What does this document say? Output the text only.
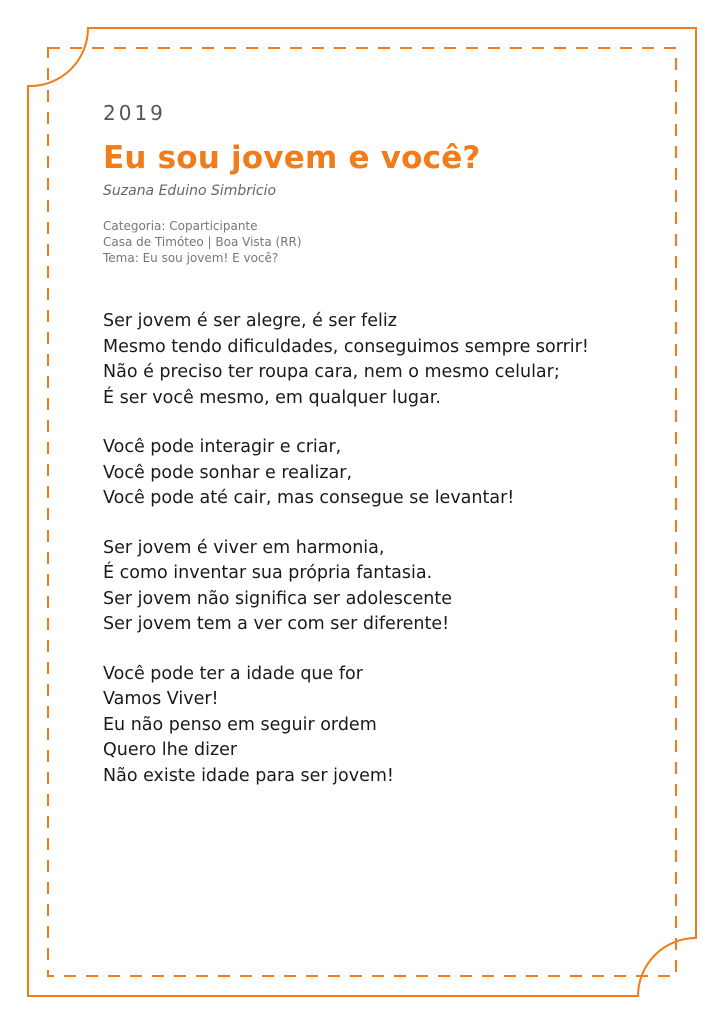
2019

Eu sou jovem e você?

Suzana Eduino Simbricio

Categoria: Coparticipante
Casa de Timóteo | Boa Vista (RR)
Tema: Eu sou jovem! E você?
Ser jovem é ser alegre, é ser feliz
Mesmo tendo dificuldades, conseguimos sempre sorrir!
Não é preciso ter roupa cara, nem o mesmo celular;
É ser você mesmo, em qualquer lugar.
Você pode interagir e criar,
Você pode sonhar e realizar,
Você pode até cair, mas consegue se levantar!
Ser jovem é viver em harmonia,
É como inventar sua própria fantasia.
Ser jovem não significa ser adolescente
Ser jovem tem a ver com ser diferente!
Você pode ter a idade que for
Vamos Viver!
Eu não penso em seguir ordem
Quero lhe dizer
Não existe idade para ser jovem!
